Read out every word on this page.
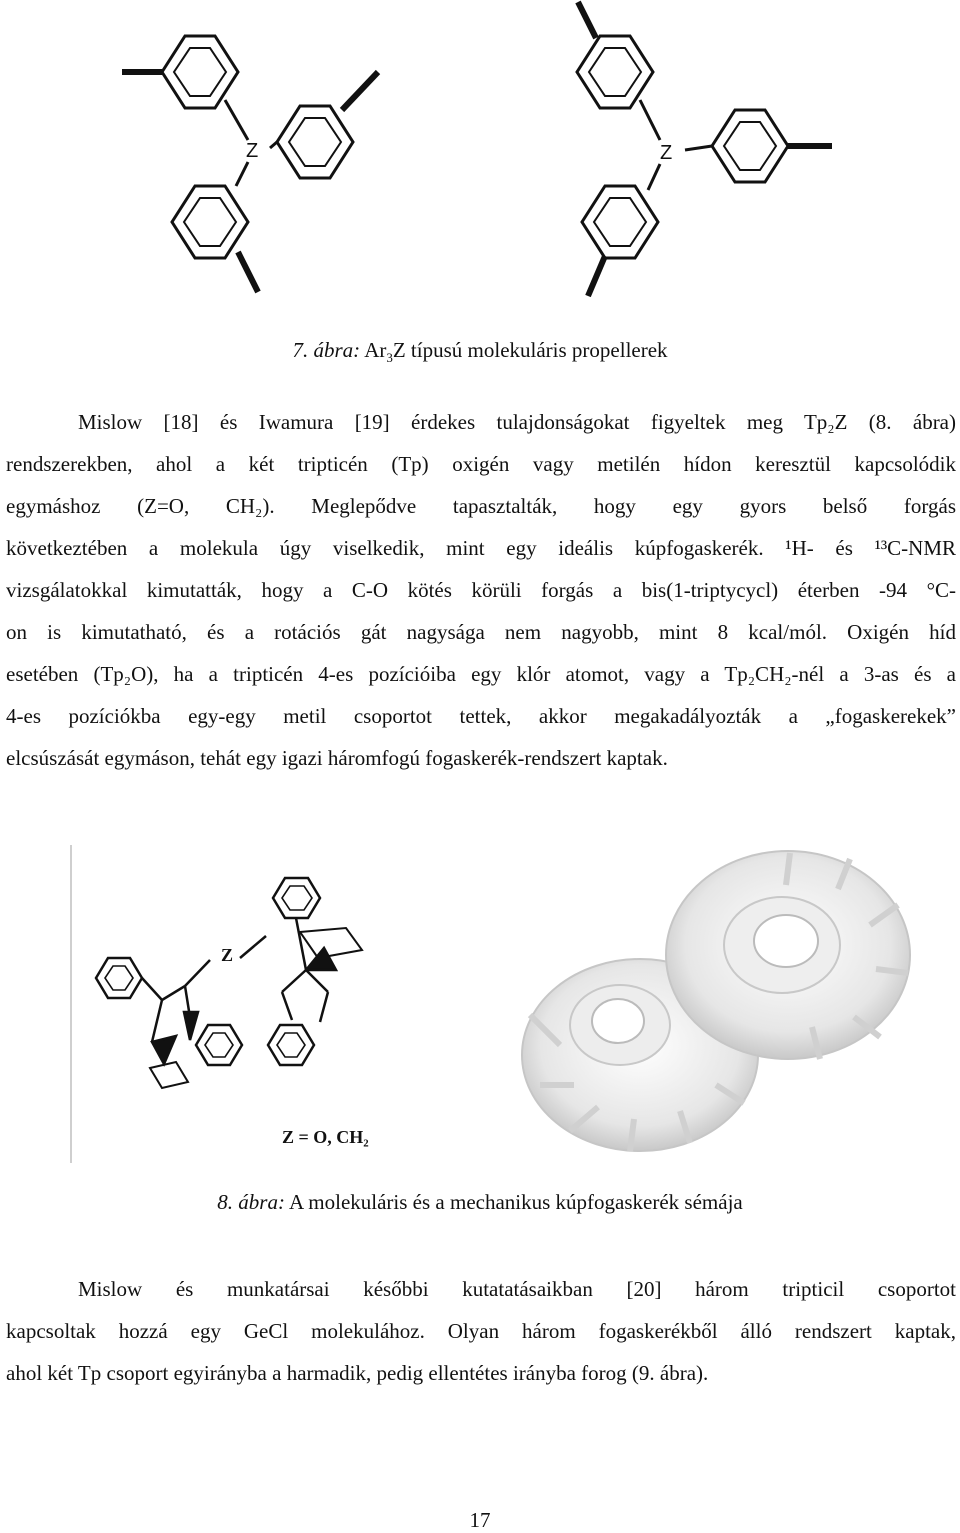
Z	Z
7. ábra: $Ar_3Z$ típusú molekuláris propellerek
Mislow [18] és Iwamura [19] érdekes tulajdonságokat figyeltek meg Tp₂Z (8. ábra)
rendszerekben, ahol a két tripticén (Tp) oxigén vagy metilén hídon keresztül kapcsolódik
egymáshoz (Z=O, CH₂). Meglepődve tapasztalták, hogy egy gyors belső forgás
következtében a molekula úgy viselkedik, mint egy ideális kúpfogaskerék. ¹H- és ¹³C-NMR
vizsgálatokkal kimutatták, hogy a C-O kötés körüli forgás a bis(1-triptycycl) éterben -94 °C-
on is kimutatható, és a rotációs gát nagysága nem nagyobb, mint 8 kcal/mól. Oxigén híd
esetében (Tp₂O), ha a tripticén 4-es pozícióiba egy klór atomot, vagy a Tp₂CH₂-nél a 3-as és a
4-es pozíciókba egy-egy metil csoportot tettek, akkor megakadályozták a „fogaskerekek”
elcsúszását egymáson, tehát egy igazi háromfogú fogaskerék-rendszert kaptak.
Z
Z = O, CH₂
8. ábra: A molekuláris és a mechanikus kúpfogaskerék sémája
Mislow és munkatársai későbbi kutatatásaikban [20] három tripticil csoportot
kapcsoltak hozzá egy GeCl molekulához. Olyan három fogaskerékből álló rendszert kaptak,
ahol két Tp csoport egyirányba a harmadik, pedig ellentétes irányba forog (9. ábra).
17
